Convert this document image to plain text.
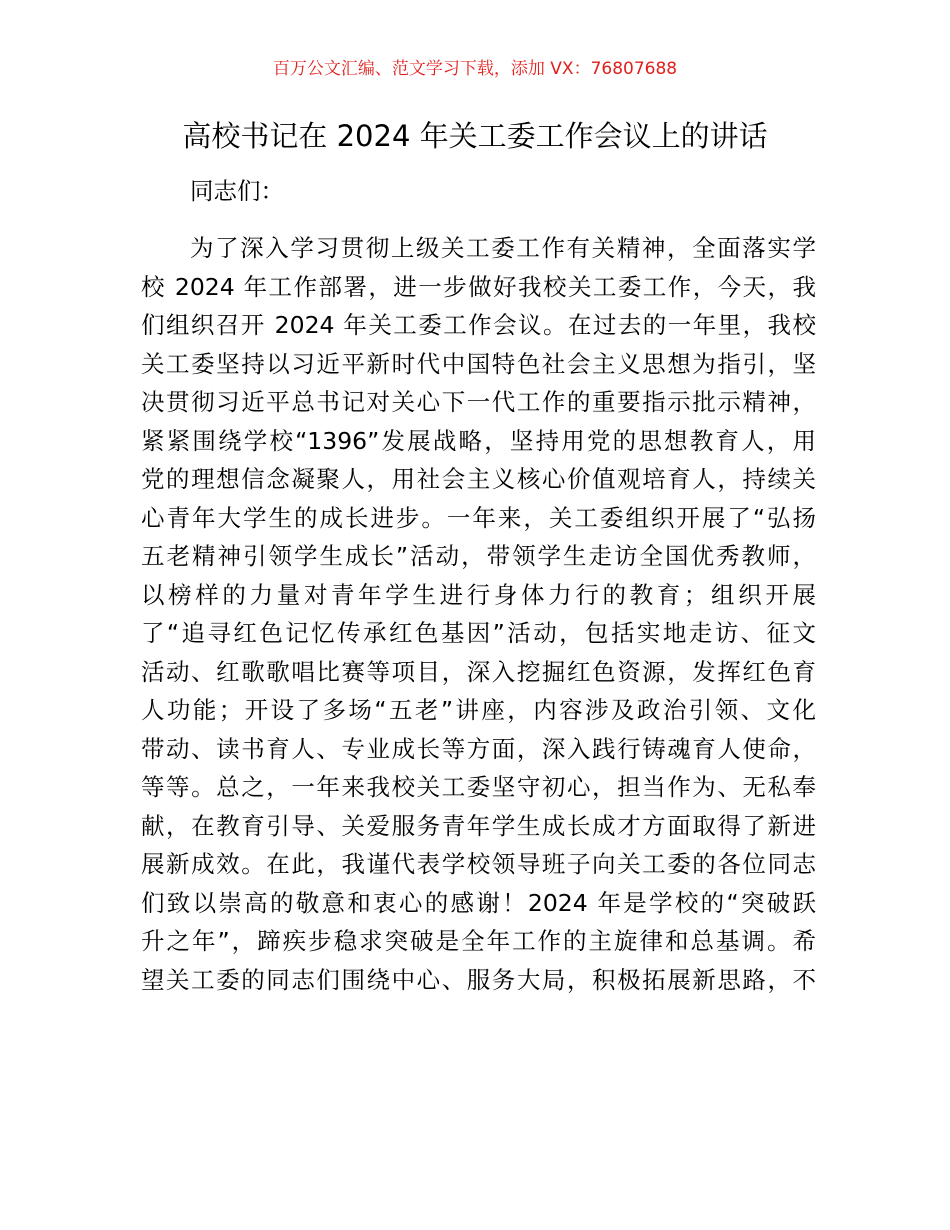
百万公文汇编、范文学习下载，添加 VX：76807688
高校书记在 2024 年关工委工作会议上的讲话
同志们：
为了深入学习贯彻上级关工委工作有关精神，全面落实学
校 2024 年工作部署，进一步做好我校关工委工作，今天，我
们组织召开 2024 年关工委工作会议。在过去的一年里，我校
关工委坚持以习近平新时代中国特色社会主义思想为指引，坚
决贯彻习近平总书记对关心下一代工作的重要指示批示精神，
紧紧围绕学校“1396”发展战略，坚持用党的思想教育人，用
党的理想信念凝聚人，用社会主义核心价值观培育人，持续关
心青年大学生的成长进步。一年来，关工委组织开展了“弘扬
五老精神引领学生成长”活动，带领学生走访全国优秀教师，
以榜样的力量对青年学生进行身体力行的教育；组织开展
了“追寻红色记忆传承红色基因”活动，包括实地走访、征文
活动、红歌歌唱比赛等项目，深入挖掘红色资源，发挥红色育
人功能；开设了多场“五老”讲座，内容涉及政治引领、文化
带动、读书育人、专业成长等方面，深入践行铸魂育人使命，
等等。总之，一年来我校关工委坚守初心，担当作为、无私奉
献，在教育引导、关爱服务青年学生成长成才方面取得了新进
展新成效。在此，我谨代表学校领导班子向关工委的各位同志
们致以崇高的敬意和衷心的感谢！2024 年是学校的“突破跃
升之年”，蹄疾步稳求突破是全年工作的主旋律和总基调。希
望关工委的同志们围绕中心、服务大局，积极拓展新思路，不
